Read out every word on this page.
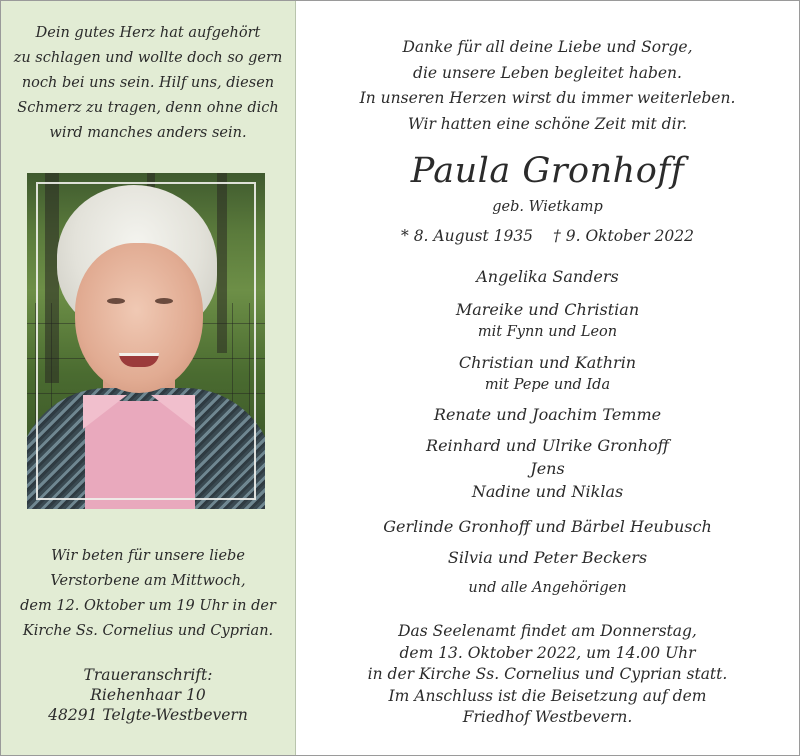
Dein gutes Herz hat aufgehört
zu schlagen und wollte doch so gern
noch bei uns sein. Hilf uns, diesen
Schmerz zu tragen, denn ohne dich
wird manches anders sein.
Wir beten für unsere liebe
Verstorbene am Mittwoch,
dem 12. Oktober um 19 Uhr in der
Kirche Ss. Cornelius und Cyprian.
Traueranschrift:
Riehenhaar 10
48291 Telgte-Westbevern
Danke für all deine Liebe und Sorge,
die unsere Leben begleitet haben.
In unseren Herzen wirst du immer weiterleben.
Wir hatten eine schöne Zeit mit dir.
Paula Gronhoff
geb. Wietkamp
* 8. August 1935 † 9. Oktober 2022
Angelika Sanders
Mareike und Christian
mit Fynn und Leon
Christian und Kathrin
mit Pepe und Ida
Renate und Joachim Temme
Reinhard und Ulrike Gronhoff
Jens
Nadine und Niklas
Gerlinde Gronhoff und Bärbel Heubusch
Silvia und Peter Beckers
und alle Angehörigen
Das Seelenamt findet am Donnerstag,
dem 13. Oktober 2022, um 14.00 Uhr
in der Kirche Ss. Cornelius und Cyprian statt.
Im Anschluss ist die Beisetzung auf dem
Friedhof Westbevern.
